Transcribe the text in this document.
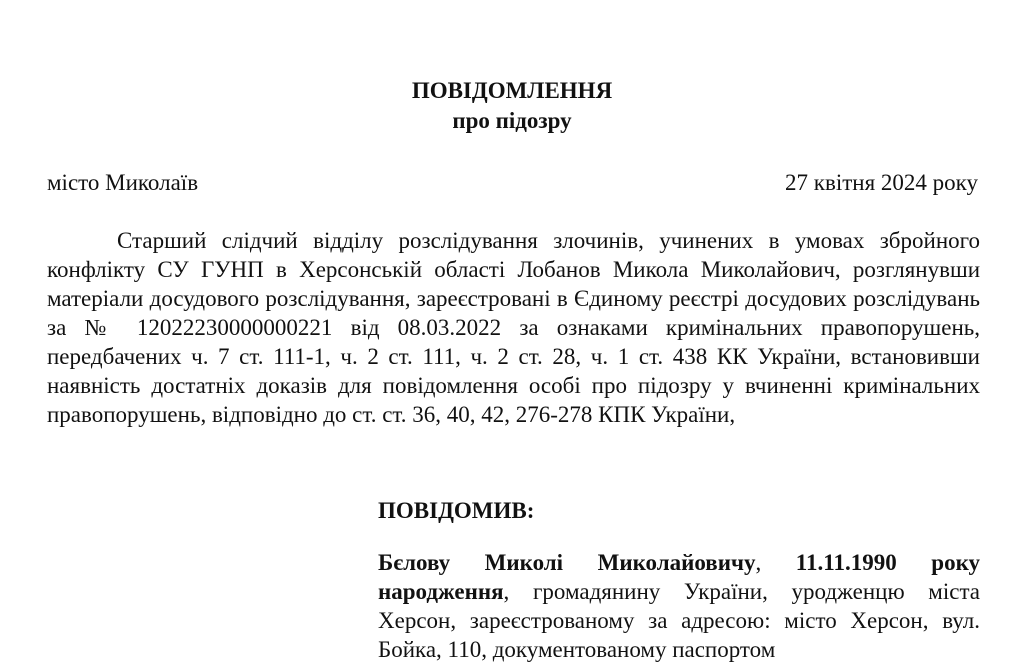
ПОВІДОМЛЕННЯ
про підозру
місто Миколаїв	27 квітня 2024 року

Старший слідчий відділу розслідування злочинів, учинених в умовах збройного конфлікту СУ ГУНП в Херсонській області Лобанов Микола Миколайович, розглянувши матеріали досудового розслідування, зареєстровані в Єдиному реєстрі досудових розслідувань за № 12022230000000221 від 08.03.2022 за ознаками кримінальних правопорушень, передбачених ч. 7 ст. 111-1, ч. 2 ст. 111, ч. 2 ст. 28, ч. 1 ст. 438 КК України, встановивши наявність достатніх доказів для повідомлення особі про підозру у вчиненні кримінальних правопорушень, відповідно до ст. ст. 36, 40, 42, 276-278 КПК України,

ПОВІДОМИВ:

Бєлову Миколі Миколайовичу, 11.11.1990 року народження, громадянину України, уродженцю міста Херсон, зареєстрованому за адресою: місто Херсон, вул. Бойка, 110, документованому паспортом
